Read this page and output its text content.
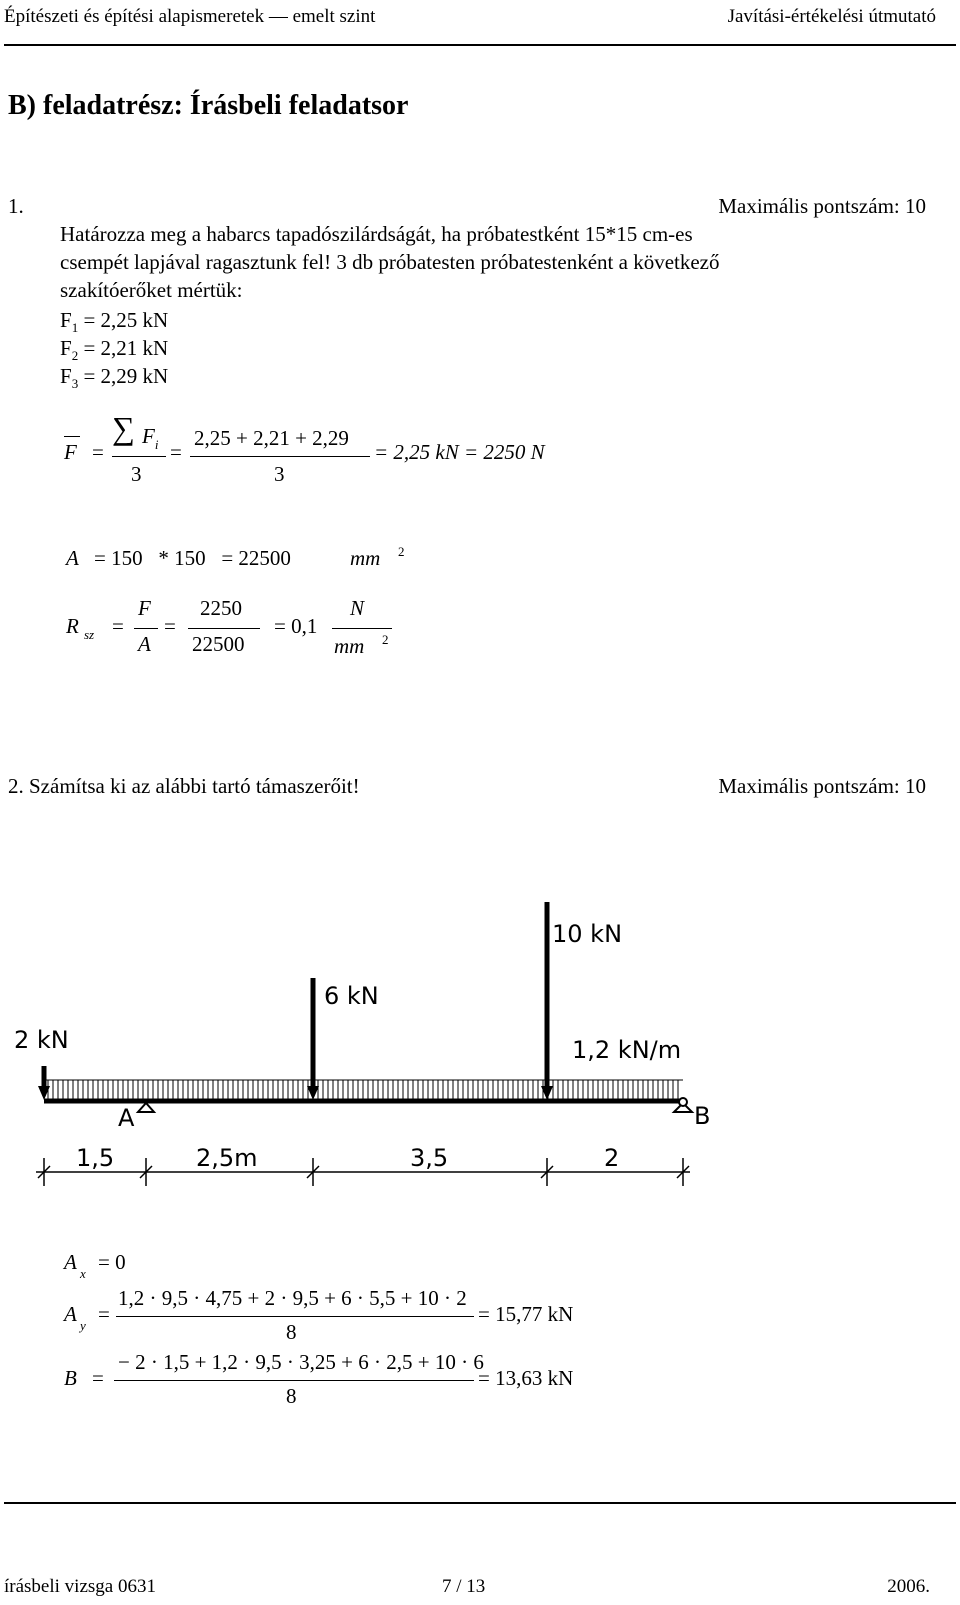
Építészeti és építési alapismeretek — emelt szint	Javítási-értékelési útmutató
B) feladatrész: Írásbeli feladatsor
1.	Maximális pontszám: 10
Határozza meg a habarcs tapadószilárdságát, ha próbatestként 15*15 cm-es
csempét lapjával ragasztunk fel! 3 db próbatesten próbatestenként a következő
szakítóerőket mértük:
$F_1 = 2,25$ kN
$F_2 = 2,21$ kN
$F_3 = 2,29$ kN
F =
∑ $F_i$
3
=
2,25 + 2,21 + 2,29
3
= 2,25 kN = 2250 N
A = 150   * 150   = 22500	mm 2
R sz =
F
A
=
2250
22500
= 0,1
N
mm 2
2. Számítsa ki az alábbi tartó támaszerőit!	Maximális pontszám: 10
10 kN
6 kN
2 kN	1,2 kN/m
A	B
1,5	2,5m	3,5	2
A x = 0
A y =
1,2 · 9,5 · 4,75 + 2 · 9,5 + 6 · 5,5 + 10 · 2
8
= 15,77 kN
B =
− 2 · 1,5 + 1,2 · 9,5 · 3,25 + 6 · 2,5 + 10 · 6
8
= 13,63 kN
írásbeli vizsga 0631	7 / 13	2006.
